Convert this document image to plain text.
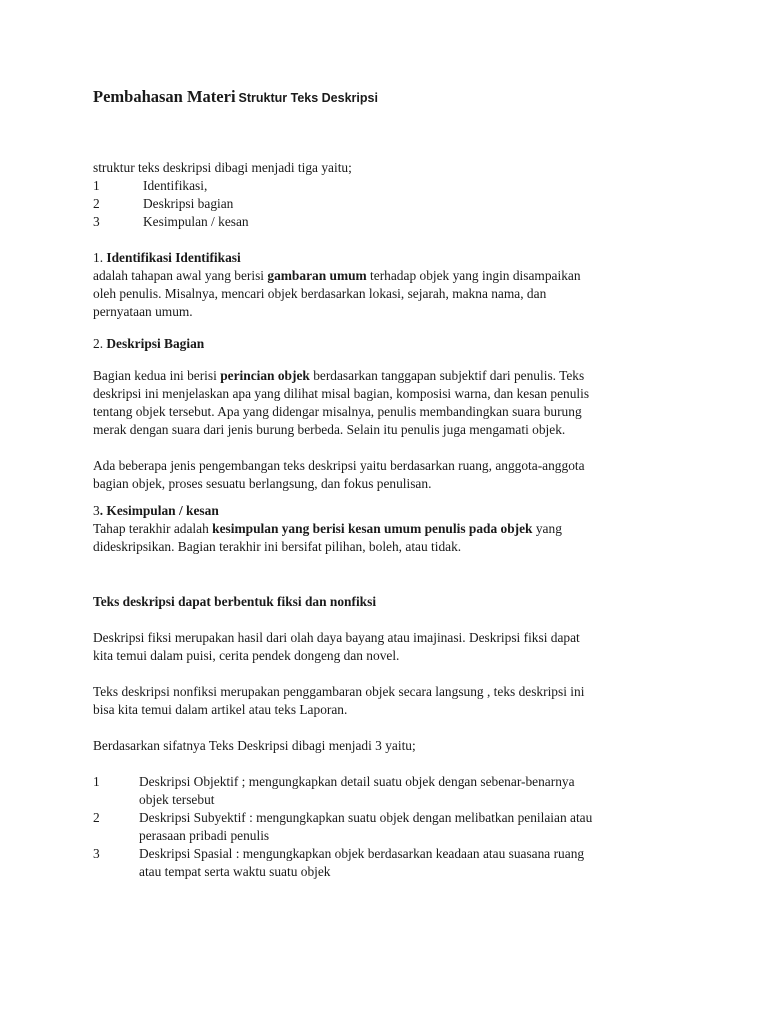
Pembahasan Materi Struktur Teks Deskripsi

struktur teks deskripsi dibagi menjadi tiga yaitu;

1	Identifikasi,
2	Deskripsi bagian
3	Kesimpulan / kesan

1. Identifikasi Identifikasi

adalah tahapan awal yang berisi gambaran umum terhadap objek yang ingin disampaikan

oleh penulis. Misalnya, mencari objek berdasarkan lokasi, sejarah, makna nama, dan

pernyataan umum.

2. Deskripsi Bagian

Bagian kedua ini berisi perincian objek berdasarkan tanggapan subjektif dari penulis. Teks

deskripsi ini menjelaskan apa yang dilihat misal bagian, komposisi warna, dan kesan penulis

tentang objek tersebut. Apa yang didengar misalnya, penulis membandingkan suara burung

merak dengan suara dari jenis burung berbeda. Selain itu penulis juga mengamati objek.

Ada beberapa jenis pengembangan teks deskripsi yaitu berdasarkan ruang, anggota-anggota

bagian objek, proses sesuatu berlangsung, dan fokus penulisan.

3. Kesimpulan / kesan

Tahap terakhir adalah kesimpulan yang berisi kesan umum penulis pada objek yang

dideskripsikan. Bagian terakhir ini bersifat pilihan, boleh, atau tidak.

Teks deskripsi dapat berbentuk fiksi dan nonfiksi

Deskripsi fiksi merupakan hasil dari olah daya bayang atau imajinasi. Deskripsi fiksi dapat

kita temui dalam puisi, cerita pendek dongeng dan novel.

Teks deskripsi nonfiksi merupakan penggambaran objek secara langsung , teks deskripsi ini

bisa kita temui dalam artikel atau teks Laporan.

Berdasarkan sifatnya Teks Deskripsi dibagi menjadi 3 yaitu;

1	Deskripsi Objektif ; mengungkapkan detail suatu objek dengan sebenar-benarnya
objek tersebut
2	Deskripsi Subyektif : mengungkapkan suatu objek dengan melibatkan penilaian atau
perasaan pribadi penulis
3	Deskripsi Spasial : mengungkapkan objek berdasarkan keadaan atau suasana ruang
atau tempat serta waktu suatu objek
